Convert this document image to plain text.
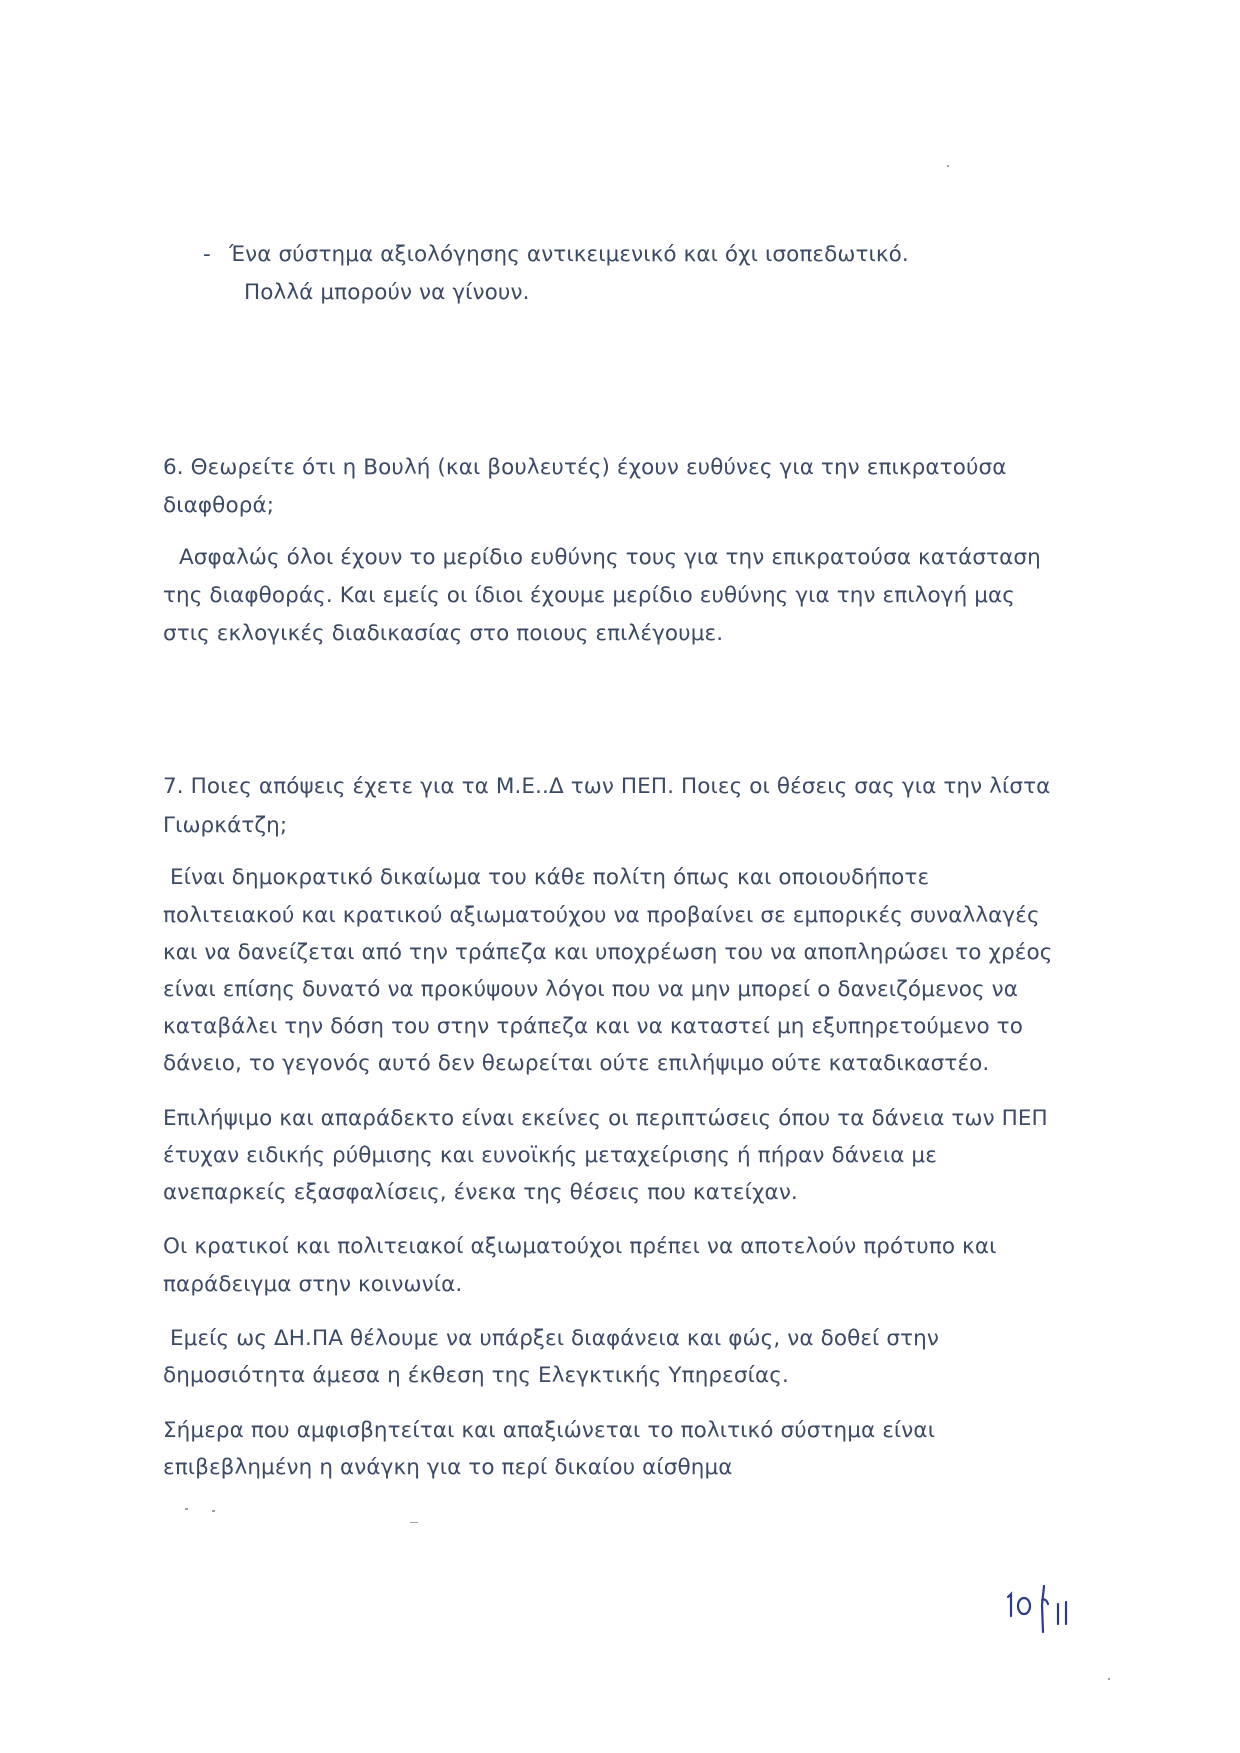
- Ένα σύστημα αξιολόγησης αντικειμενικό και όχι ισοπεδωτικό.
Πολλά μπορούν να γίνουν.
6. Θεωρείτε ότι η Βουλή (και βουλευτές) έχουν ευθύνες για την επικρατούσα
διαφθορά;
Ασφαλώς όλοι έχουν το μερίδιο ευθύνης τους για την επικρατούσα κατάσταση
της διαφθοράς. Και εμείς οι ίδιοι έχουμε μερίδιο ευθύνης για την επιλογή μας
στις εκλογικές διαδικασίας στο ποιους επιλέγουμε.
7. Ποιες απόψεις έχετε για τα Μ.Ε..Δ των ΠΕΠ. Ποιες οι θέσεις σας για την λίστα
Γιωρκάτζη;
Είναι δημοκρατικό δικαίωμα του κάθε πολίτη όπως και οποιουδήποτε
πολιτειακού και κρατικού αξιωματούχου να προβαίνει σε εμπορικές συναλλαγές
και να δανείζεται από την τράπεζα και υποχρέωση του να αποπληρώσει το χρέος
είναι επίσης δυνατό να προκύψουν λόγοι που να μην μπορεί ο δανειζόμενος να
καταβάλει την δόση του στην τράπεζα και να καταστεί μη εξυπηρετούμενο το
δάνειο, το γεγονός αυτό δεν θεωρείται ούτε επιλήψιμο ούτε καταδικαστέο.
Επιλήψιμο και απαράδεκτο είναι εκείνες οι περιπτώσεις όπου τα δάνεια των ΠΕΠ
έτυχαν ειδικής ρύθμισης και ευνοϊκής μεταχείρισης ή πήραν δάνεια με
ανεπαρκείς εξασφαλίσεις, ένεκα της θέσεις που κατείχαν.
Οι κρατικοί και πολιτειακοί αξιωματούχοι πρέπει να αποτελούν πρότυπο και
παράδειγμα στην κοινωνία.
Εμείς ως ΔΗ.ΠΑ θέλουμε να υπάρξει διαφάνεια και φώς, να δοθεί στην
δημοσιότητα άμεσα η έκθεση της Ελεγκτικής Υπηρεσίας.
Σήμερα που αμφισβητείται και απαξιώνεται το πολιτικό σύστημα είναι
επιβεβλημένη η ανάγκη για το περί δικαίου αίσθημα
